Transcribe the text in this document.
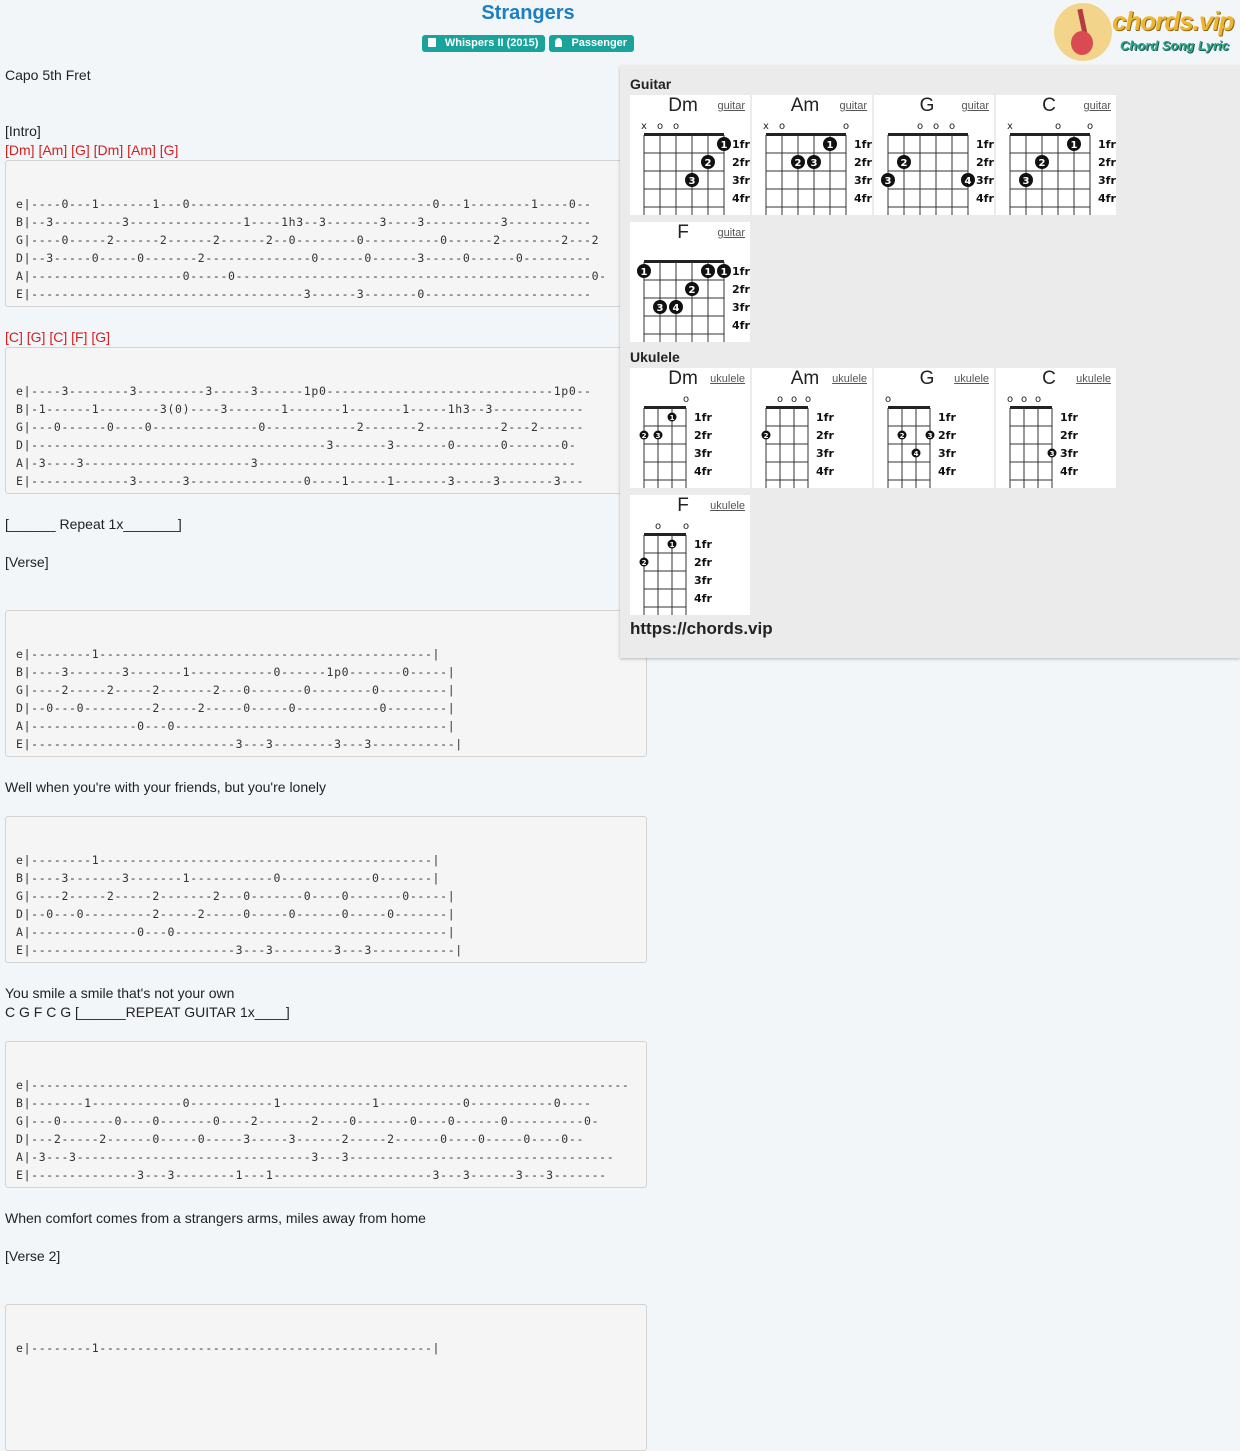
Strangers
Whispers II (2015)	Passenger
chords.vip
Chord Song Lyric
Capo 5th Fret
[Intro]
[Dm] [Am] [G] [Dm] [Am] [G]
e|----0---1-------1---0--------------------------------0---1--------1----0--
B|--3---------3---------------1----1h3--3-------3----3----------3-----------
G|----0-----2------2------2------2--0--------0----------0------2--------2---2
D|--3-----0-----0-------2--------------0------0------3-----0------0---------
A|--------------------0-----0-----------------------------------------------0-
E|------------------------------------3------3-------0----------------------
[C] [G] [C] [F] [G]
e|----3--------3---------3-----3------1p0------------------------------1p0--
B|-1------1--------3(0)----3-------1-------1-------1-----1h3--3------------
G|---0------0----0--------------0------------2-------2----------2---2------
D|---------------------------------------3-------3-------0------0-------0-
A|-3----3----------------------3------------------------------------------
E|-------------3------3---------------0----1-----1-------3-----3-------3---
[______ Repeat 1x_______]
[Verse]
e|--------1--------------------------------------------|
B|----3-------3-------1-----------0------1p0-------0-----|
G|----2-----2-----2-------2---0-------0--------0---------|
D|--0---0---------2-----2-----0-----0-----------0--------|
A|--------------0---0------------------------------------|
E|---------------------------3---3--------3---3-----------|
Well when you're with your friends, but you're lonely
e|--------1--------------------------------------------|
B|----3-------3-------1-----------0------------0-------|
G|----2-----2-----2-------2---0-------0----0-------0-----|
D|--0---0---------2-----2-----0-----0------0-----0-------|
A|--------------0---0------------------------------------|
E|---------------------------3---3--------3---3-----------|
You smile a smile that's not your own
C G F C G [______REPEAT GUITAR 1x____]
e|-------------------------------------------------------------------------------
B|-------1------------0-----------1------------1-----------0-----------0----
G|---0-------0----0-------0----2-------2----0-------0----0------0----------0-
D|---2-----2------0-----0-----3-----3------2-----2------0----0-----0----0--
A|-3---3-------------------------------3---3-----------------------------------
E|--------------3---3--------1---1---------------------3---3------3---3-------
When comfort comes from a strangers arms, miles away from home
[Verse 2]
e|--------1--------------------------------------------|
Guitar
Ukulele
Dm	guitar
x o o
1fr
2fr
3fr
4fr
1
2
3
Am	guitar
x o	o
1fr
2fr
3fr
4fr
1
2 3
G	guitar
o o o
1fr
2fr
3fr
4fr
2
3	4
C	guitar
x	o	o
1fr
2fr
3fr
4fr
1
2
3
F	guitar
1fr
2fr
3fr
4fr
1	1 1
2
3 4
Dm	ukulele
o
1fr
2fr
3fr
4fr
1
2 3
Am	ukulele
o o o
1fr
2fr
3fr
4fr
2
G	ukulele
o
1fr
2fr
3fr
4fr
2	3
4
C	ukulele
o o o
1fr
2fr
3fr
4fr
3
F	ukulele
o o
1fr
2fr
3fr
4fr
1
2
https://chords.vip
